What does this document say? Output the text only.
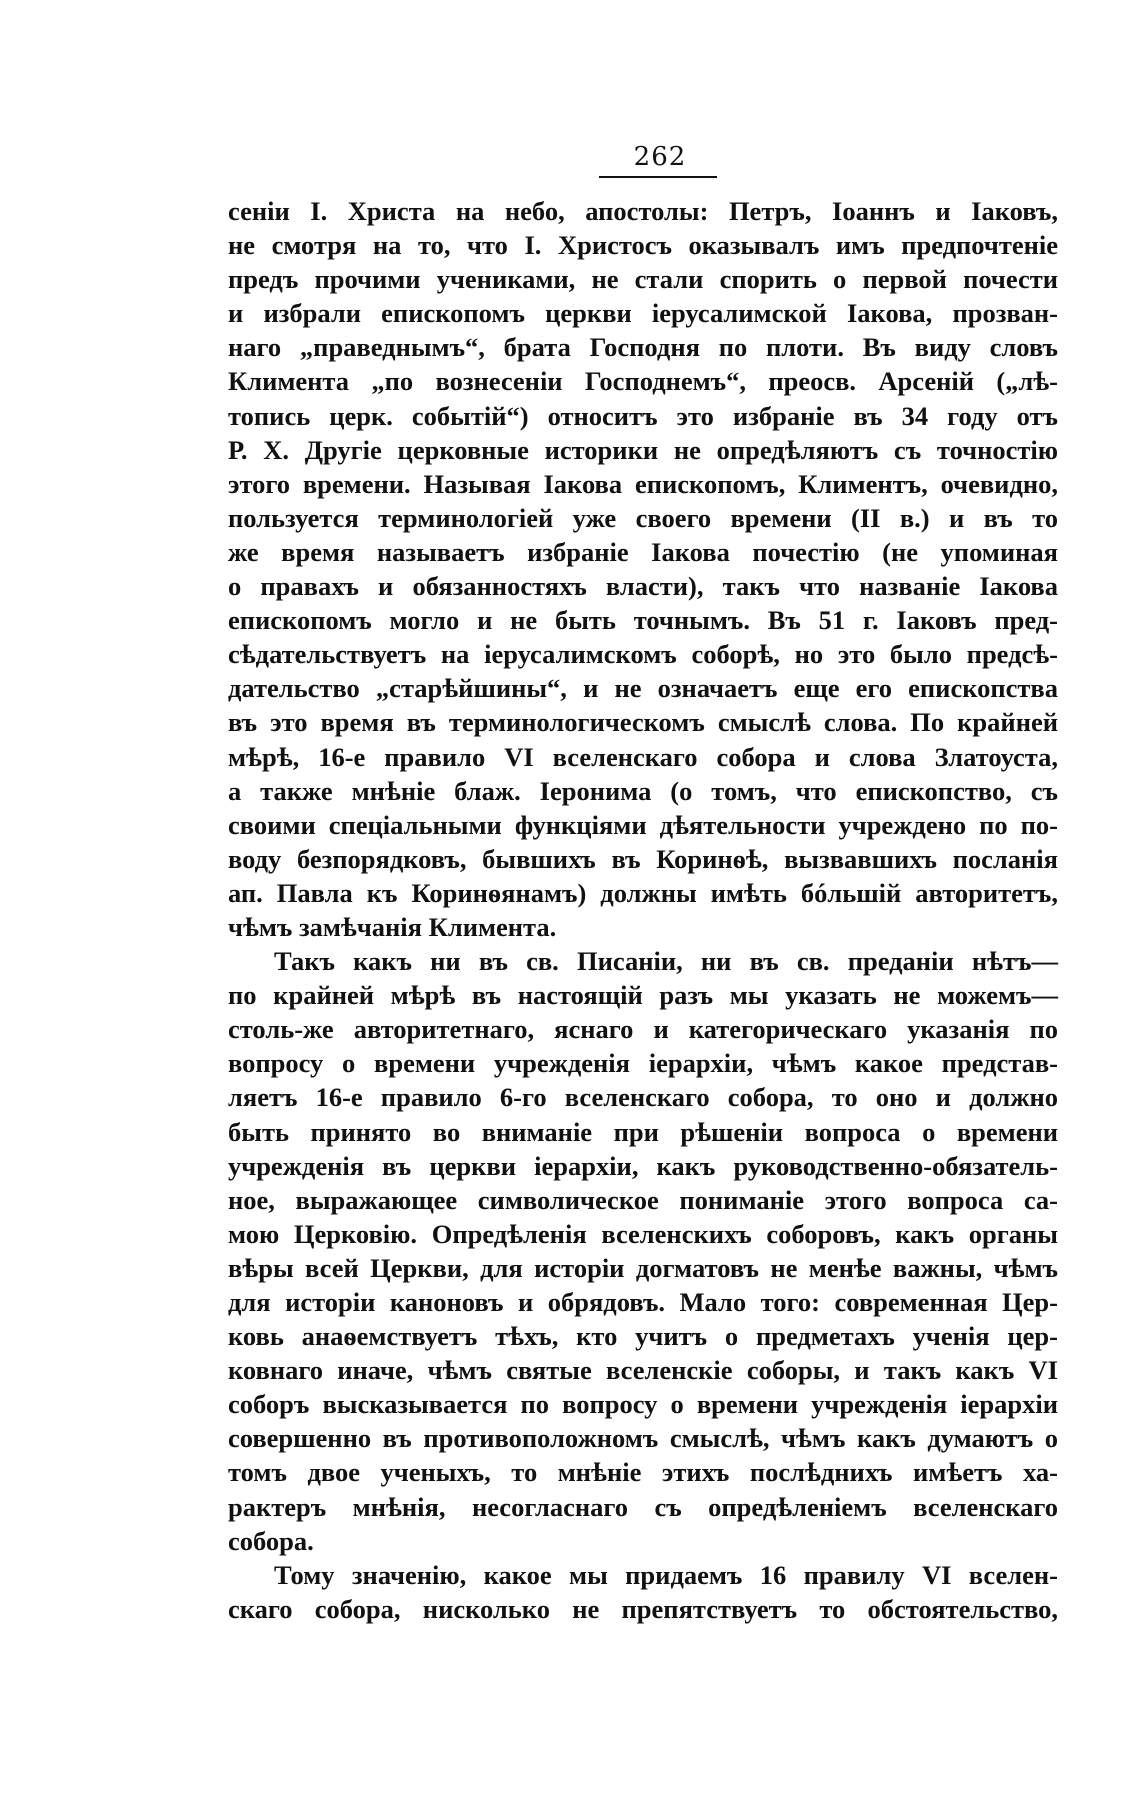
262
сенiи I. Христа на небо, апостолы: Петръ, Iоаннъ и Iаковъ,
не смотря на то, что I. Христосъ оказывалъ имъ предпочтенiе
предъ прочими учениками, не стали спорить о первой почести
и избрали епископомъ церкви iерусалимской Iакова, прозван-
наго „праведнымъ“, брата Господня по плоти. Въ виду словъ
Климента „по вознесенiи Господнемъ“, преосв. Арсенiй („лѣ-
топись церк. событiй“) относитъ это избранiе въ 34 году отъ
Р. X. Другiе церковные историки не опредѣляютъ съ точностiю
этого времени. Называя Iакова епископомъ, Климентъ, очевидно,
пользуется терминологiей уже своего времени (II в.) и въ то
же время называетъ избранiе Iакова почестiю (не упоминая
о правахъ и обязанностяхъ власти), такъ что названiе Iакова
епископомъ могло и не быть точнымъ. Въ 51 г. Iаковъ пред-
сѣдательствуетъ на iерусалимскомъ соборѣ, но это было предсѣ-
дательство „старѣйшины“, и не означаетъ еще его епископства
въ это время въ терминологическомъ смыслѣ слова. По крайней
мѣрѣ, 16-е правило VI вселенскаго собора и слова Златоуста,
а также мнѣнiе блаж. Iеронима (о томъ, что епископство, съ
своими спецiальными функцiями дѣятельности учреждено по по-
воду безпорядковъ, бывшихъ въ Коринѳѣ, вызвавшихъ посланiя
ап. Павла къ Коринѳянамъ) должны имѣть бóльшiй авторитетъ,
чѣмъ замѣчанiя Климента.
Такъ какъ ни въ св. Писанiи, ни въ св. преданiи нѣтъ—
по крайней мѣрѣ въ настоящiй разъ мы указать не можемъ—
столь-же авторитетнаго, яснаго и категорическаго указанiя по
вопросу о времени учрежденiя iерархiи, чѣмъ какое представ-
ляетъ 16-е правило 6-го вселенскаго собора, то оно и должно
быть принято во вниманiе при рѣшенiи вопроса о времени
учрежденiя въ церкви iерархiи, какъ руководственно-обязатель-
ное, выражающее символическое пониманiе этого вопроса са-
мою Церковiю. Опредѣленiя вселенскихъ соборовъ, какъ органы
вѣры всей Церкви, для исторiи догматовъ не менѣе важны, чѣмъ
для исторiи каноновъ и обрядовъ. Мало того: современная Цер-
ковь анаѳемствуетъ тѣхъ, кто учитъ о предметахъ ученiя цер-
ковнаго иначе, чѣмъ святые вселенскiе соборы, и такъ какъ VI
соборъ высказывается по вопросу о времени учрежденiя iерархiи
совершенно въ противоположномъ смыслѣ, чѣмъ какъ думаютъ о
томъ двое ученыхъ, то мнѣнiе этихъ послѣднихъ имѣетъ ха-
рактеръ мнѣнiя, несогласнаго съ опредѣленiемъ вселенскаго
собора.
Тому значенiю, какое мы придаемъ 16 правилу VI вселен-
скаго собора, нисколько не препятствуетъ то обстоятельство,
